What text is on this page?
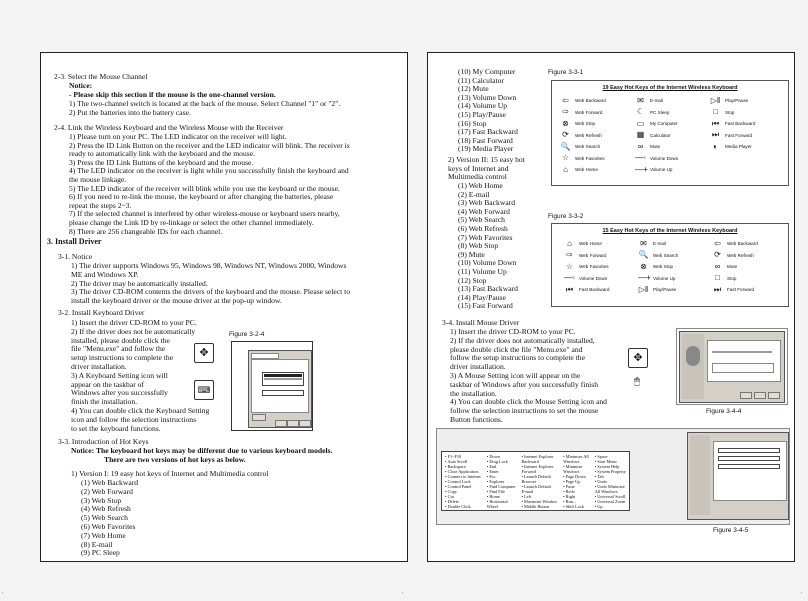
'	'	'
'	'	'
2-3. Select the Mouse Channel
Notice:
- Please skip this section if the mouse is the one-channel version.
1) The two-channel switch is located at the back of the mouse. Select Channel "1" or "2".
2) Put the batteries into the battery case.
2-4. Link the Wireless Keyboard and the Wireless Mouse with the Receiver
1) Please turn on your PC. The LED indicator on the receiver will light.
2) Press the ID Link Button on the receiver and the LED indicator will blink. The receiver is
ready to automatically link with the keyboard and the mouse.
3) Press the ID Link Buttons of the keyboard and the mouse.
4) The LED indicator on the receiver is light while you successfully finish the keyboard and
the mouse linkage.
5) The LED indicator of the receiver will blink while you use the keyboard or the mouse.
6) If you need to re-link the mouse, the keyboard or after changing the batteries, please
repeat the steps 2~3.
7) If the selected channel is interfered by other wireless-mouse or keyboard users nearby,
please change the Link ID by re-linkage or select the other channel immediately.
8) There are 256 changeable IDs for each channel.
3. Install Driver
3-1. Notice
1) The driver supports Windows 95, Windows 98, Windows NT, Windows 2000, Windows
ME and Windows XP.
2) The driver may be automatically installed.
3) The driver CD-ROM contents the drivers of the keyboard and the mouse. Please select to
install the keyboard driver or the mouse driver at the pop-up window.
3-2. Install Keyboard Driver
1) Insert the driver CD-ROM to your PC.
2) If the driver does not be automatically
installed, please double click the
file "Menu.exe" and follow the
setup instructions to complete the
driver installation.
3) A Keyboard Setting icon will
appear on the taskbar of
Windows after you successfully
finish the installation.
4) You can double click the Keyboard Setting
icon and follow the selection instructions
to set the keyboard functions.
✥
⌨
Figure 3-2-4
3-3. Introduction of Hot Keys
Notice: The keyboard hot keys may be different due to various keyboard models.
There are two versions of hot keys as below.
1) Version I: 19 easy hot keys of Internet and Multimedia control
(1) Web Backward
(2) Web Forward
(3) Web Stop
(4) Web Refresh
(5) Web Search
(6) Web Favorites
(7) Web Home
(8) E-mail
(9) PC Sleep
(10) My Computer
(11) Calculator
(12) Mute
(13) Volume Down
(14) Volume Up
(15) Play/Pause
(16) Stop
(17) Fast Backward
(18) Fast Forward
(19) Media Player
2) Version II: 15 easy hot
keys of Internet and
Multimedia control
(1) Web Home
(2) E-mail
(3) Web Backward
(4) Web Forward
(5) Web Search
(6) Web Refresh
(7) Web Favorites
(8) Web Stop
(9) Mute
(10) Volume Down
(11) Volume Up
(12) Stop
(13) Fast Backward
(14) Play/Pause
(15) Fast Forward
Figure 3-3-1
19 Easy Hot Keys of the Internet Wireless Keyboard
⇦	Web Backward	✉	E-mail	▷‖ Play/Pause
⇨	Web Forward	☾	PC Sleep	□	Stop
⊗	Web Stop	▭	My Computer	⏮	Fast Backward
⟳	Web Refresh	▦	Calculator	⏭	Fast Forward
🔍 Web Search	∞	Mute	◐	Media Player
☆	Web Favorites	—◦ Volume Down
⌂	Web Home	—+ Volume Up
Figure 3-3-2
15 Easy Hot Keys of the Internet Wireless Keyboard
⌂	Web Home	✉	E-mail	⇦	Web Backward
⇨	Web Forward	🔍 Web Search	⟳	Web Refresh
☆	Web Favorites	⊗	Web Stop	∞	Mute
—◦ Volume Down	—+ Volume Up	□	Stop
⏮	Fast Backward	▷‖ Play/Pause	⏭	Fast Forward
3-4. Install Mouse Driver
1) Insert the driver CD-ROM to your PC.
2) If the driver does not automatically installed,
please double click the file "Menu.exe" and
follow the setup instructions to complete the
driver installation.
3) A Mouse Setting icon will appear on the
taskbar of Windows after you successfully finish
the installation.
4) You can double click the Mouse Setting icon and
follow the selection instructions to set the mouse
Button functions.
✥
🖱
Figure 3-4-4
• F1~F10
• Auto Scroll
• Backspace
• Close Application
• Connect to Internet
• Control Lock
• Control Panel
• Copy
• Cut
• Delete
• Double Click
• Down
• Drag Lock
• End
• Enter
• Esc
• Explorer
• Find Computer
• Find File
• Home
• Horizontal
Wheel
• Internet Explorer
Backward
• Internet Explorer
Forward
• Launch Default
Browser
• Launch Default
E-mail
• Left
• Maximize Window
• Middle Button
• Minimize All
Windows
• Minimize
Windows
• Page Down
• Page Up
• Paste
• Redo
• Right
• Run...
• Shift Lock
• Space
• Start Menu
• System Help
• System Property
• Tab
• Undo
• Undo Minimize
All Windows
• Universal Scroll
• Universal Zoom
• Up
Figure 3-4-5
